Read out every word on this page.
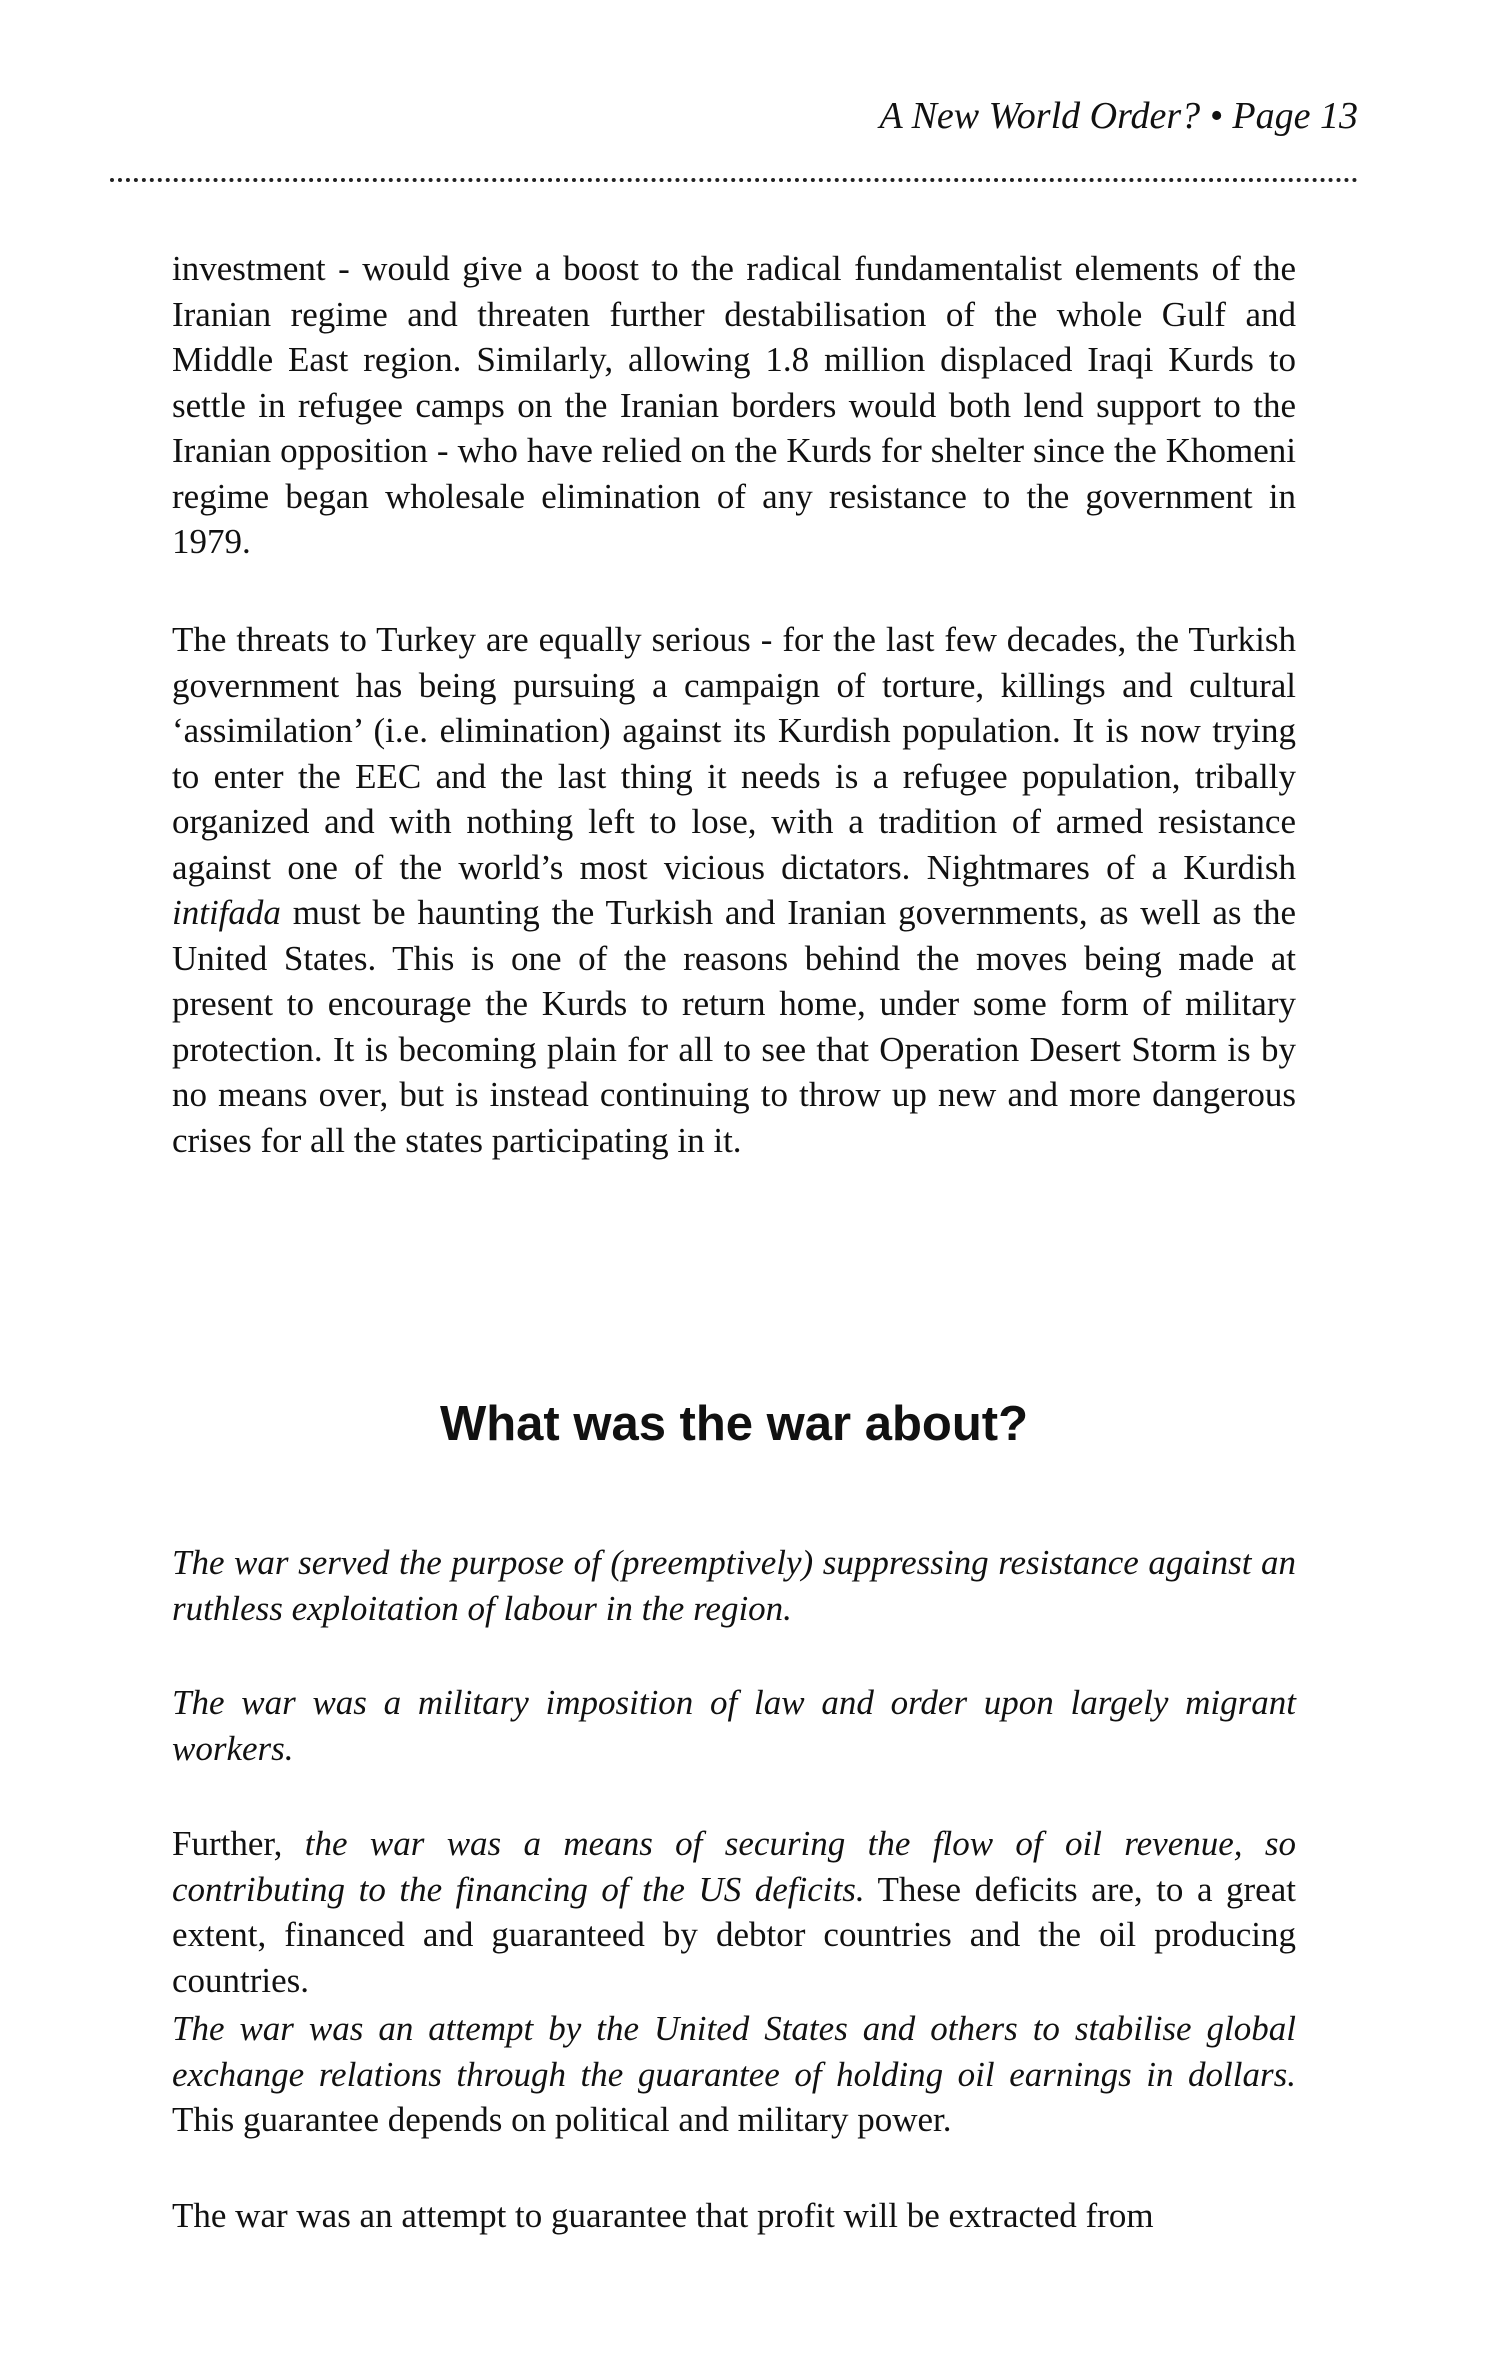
A New World Order? • Page 13

investment - would give a boost to the radical fundamentalist elements of the Iranian regime and threaten further destabilisation of the whole Gulf and Middle East region. Similarly, allowing 1.8 million displaced Iraqi Kurds to settle in refugee camps on the Iranian borders would both lend support to the Iranian opposition - who have relied on the Kurds for shelter since the Khomeni regime began wholesale elimination of any resistance to the government in 1979.

The threats to Turkey are equally serious - for the last few decades, the Turkish government has being pursuing a campaign of torture, killings and cultural ‘assimilation’ (i.e. elimination) against its Kurdish population. It is now trying to enter the EEC and the last thing it needs is a refugee population, tribally organized and with nothing left to lose, with a tradition of armed resistance against one of the world’s most vicious dictators. Nightmares of a Kurdish intifada must be haunting the Turkish and Iranian governments, as well as the United States. This is one of the reasons behind the moves being made at present to encourage the Kurds to return home, under some form of military protection. It is becoming plain for all to see that Operation Desert Storm is by no means over, but is instead continuing to throw up new and more dangerous crises for all the states participating in it.

What was the war about?

The war served the purpose of (preemptively) suppressing resistance against an ruthless exploitation of labour in the region.

The war was a military imposition of law and order upon largely migrant workers.

Further, the war was a means of securing the flow of oil revenue, so contributing to the financing of the US deficits. These deficits are, to a great extent, financed and guaranteed by debtor countries and the oil producing countries.

The war was an attempt by the United States and others to stabilise global exchange relations through the guarantee of holding oil earnings in dollars. This guarantee depends on political and military power.

The war was an attempt to guarantee that profit will be extracted from
